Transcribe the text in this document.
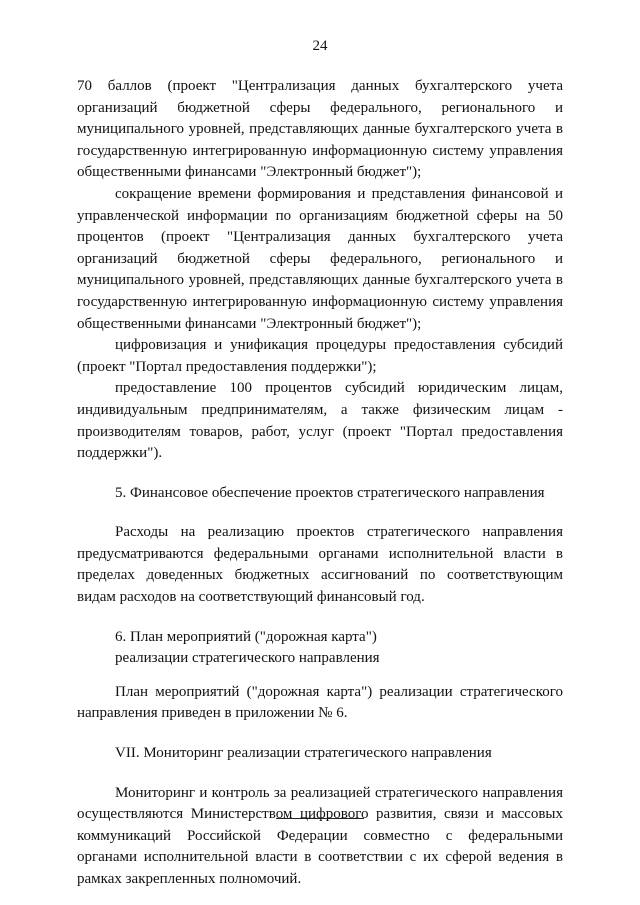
24

70 баллов (проект "Централизация данных бухгалтерского учета организаций бюджетной сферы федерального, регионального и муниципального уровней, представляющих данные бухгалтерского учета в государственную интегрированную информационную систему управления общественными финансами "Электронный бюджет");

сокращение времени формирования и представления финансовой и управленческой информации по организациям бюджетной сферы на 50 процентов (проект "Централизация данных бухгалтерского учета организаций бюджетной сферы федерального, регионального и муниципального уровней, представляющих данные бухгалтерского учета в государственную интегрированную информационную систему управления общественными финансами "Электронный бюджет");

цифровизация и унификация процедуры предоставления субсидий (проект "Портал предоставления поддержки");

предоставление 100 процентов субсидий юридическим лицам, индивидуальным предпринимателям, а также физическим лицам - производителям товаров, работ, услуг (проект "Портал предоставления поддержки").

5. Финансовое обеспечение проектов стратегического направления

Расходы на реализацию проектов стратегического направления предусматриваются федеральными органами исполнительной власти в пределах доведенных бюджетных ассигнований по соответствующим видам расходов на соответствующий финансовый год.

6. План мероприятий ("дорожная карта")

реализации стратегического направления

План мероприятий ("дорожная карта") реализации стратегического направления приведен в приложении № 6.

VII. Мониторинг реализации стратегического направления

Мониторинг и контроль за реализацией стратегического направления осуществляются Министерством цифрового развития, связи и массовых коммуникаций Российской Федерации совместно с федеральными органами исполнительной власти в соответствии с их сферой ведения в рамках закрепленных полномочий.
